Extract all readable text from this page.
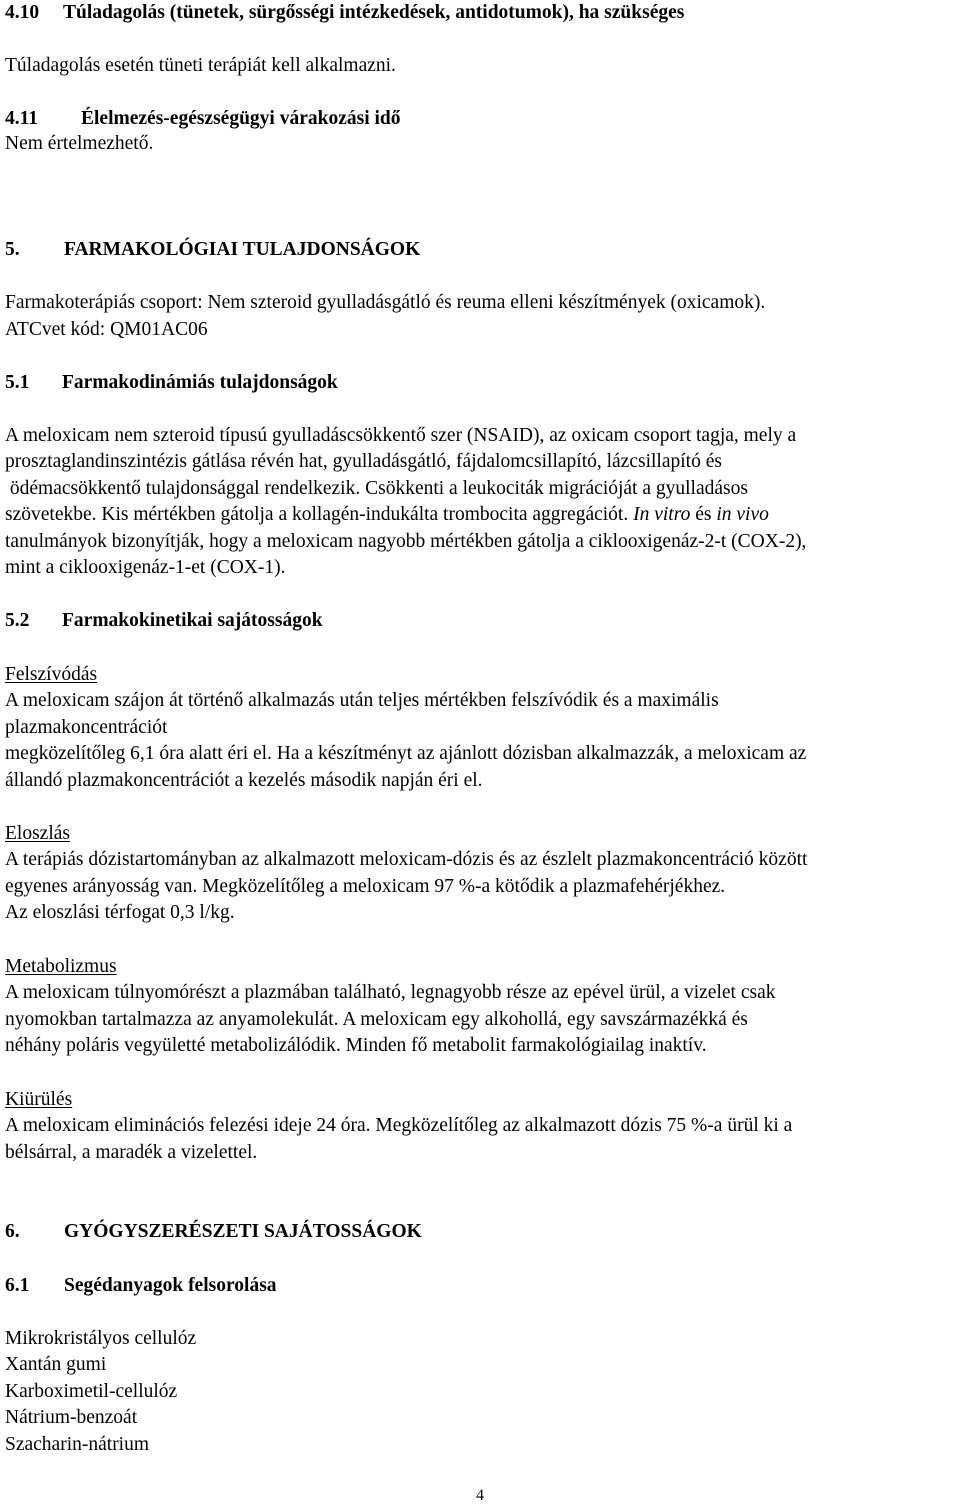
4.10 Túladagolás (tünetek, sürgősségi intézkedések, antidotumok), ha szükséges
Túladagolás esetén tüneti terápiát kell alkalmazni.
4.11 Élelmezés-egészségügyi várakozási idő
Nem értelmezhető.
5. FARMAKOLÓGIAI TULAJDONSÁGOK
Farmakoterápiás csoport: Nem szteroid gyulladásgátló és reuma elleni készítmények (oxicamok).
ATCvet kód: QM01AC06
5.1 Farmakodinámiás tulajdonságok
A meloxicam nem szteroid típusú gyulladáscsökkentő szer (NSAID), az oxicam csoport tagja, mely a
prosztaglandinszintézis gátlása révén hat, gyulladásgátló, fájdalomcsillapító, lázcsillapító és
ödémacsökkentő tulajdonsággal rendelkezik. Csökkenti a leukociták migrációját a gyulladásos
szövetekbe. Kis mértékben gátolja a kollagén-indukálta trombocita aggregációt. In vitro és in vivo
tanulmányok bizonyítják, hogy a meloxicam nagyobb mértékben gátolja a ciklooxigenáz-2-t (COX-2),
mint a ciklooxigenáz-1-et (COX-1).
5.2 Farmakokinetikai sajátosságok
Felszívódás
A meloxicam szájon át történő alkalmazás után teljes mértékben felszívódik és a maximális
plazmakoncentrációt
megközelítőleg 6,1 óra alatt éri el. Ha a készítményt az ajánlott dózisban alkalmazzák, a meloxicam az
állandó plazmakoncentrációt a kezelés második napján éri el.
Eloszlás
A terápiás dózistartományban az alkalmazott meloxicam-dózis és az észlelt plazmakoncentráció között
egyenes arányosság van. Megközelítőleg a meloxicam 97 %-a kötődik a plazmafehérjékhez.
Az eloszlási térfogat 0,3 l/kg.
Metabolizmus
A meloxicam túlnyomórészt a plazmában található, legnagyobb része az epével ürül, a vizelet csak
nyomokban tartalmazza az anyamolekulát. A meloxicam egy alkohollá, egy savszármazékká és
néhány poláris vegyületté metabolizálódik. Minden fő metabolit farmakológiailag inaktív.
Kiürülés
A meloxicam eliminációs felezési ideje 24 óra. Megközelítőleg az alkalmazott dózis 75 %-a ürül ki a
bélsárral, a maradék a vizelettel.
6. GYÓGYSZERÉSZETI SAJÁTOSSÁGOK
6.1 Segédanyagok felsorolása
Mikrokristályos cellulóz
Xantán gumi
Karboximetil-cellulóz
Nátrium-benzoát
Szacharin-nátrium
4
